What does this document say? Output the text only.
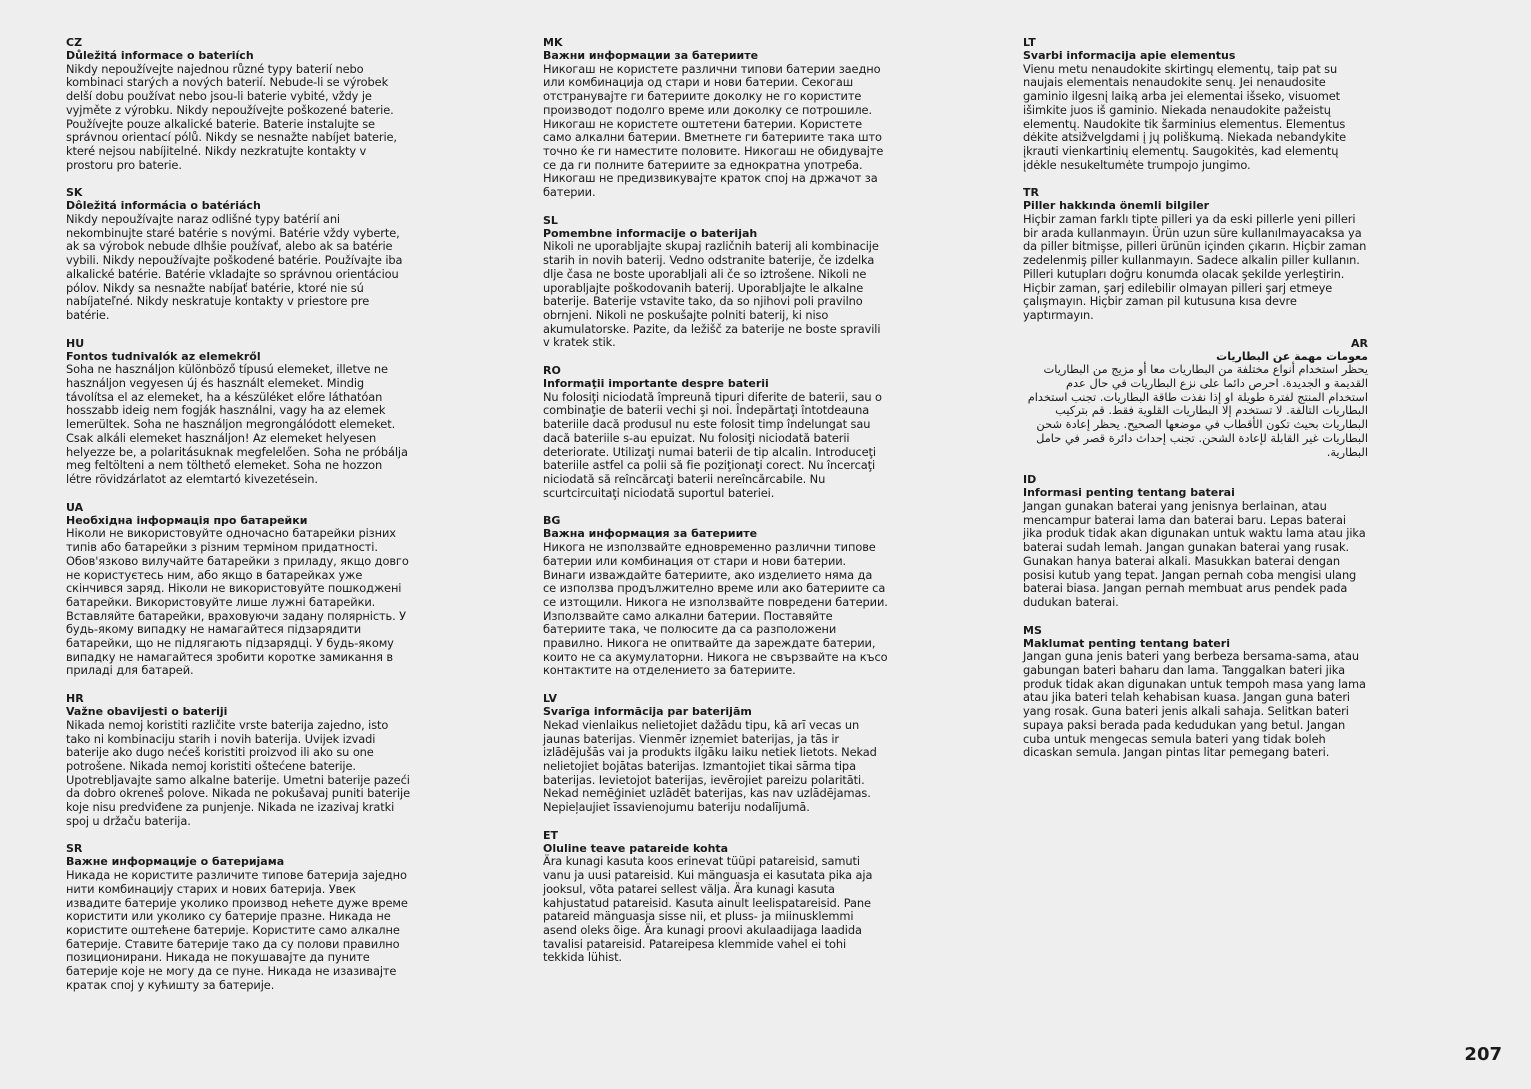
CZ
Důležitá informace o bateriích
Nikdy nepoužívejte najednou různé typy baterií nebo kombinaci starých a nových baterií. Nebude-li se výrobek delší dobu používat nebo jsou-li baterie vybité, vždy je vyjměte z výrobku. Nikdy nepoužívejte poškozené baterie. Používejte pouze alkalické baterie. Baterie instalujte se správnou orientací pólů. Nikdy se nesnažte nabíjet baterie, které nejsou nabíjitelné. Nikdy nezkratujte kontakty v prostoru pro baterie.
SK
Dôležitá informácia o batériách
Nikdy nepoužívajte naraz odlišné typy batérií ani nekombinujte staré batérie s novými. Batérie vždy vyberte, ak sa výrobok nebude dlhšie používať, alebo ak sa batérie vybili. Nikdy nepoužívajte poškodené batérie. Používajte iba alkalické batérie. Batérie vkladajte so správnou orientáciou pólov. Nikdy sa nesnažte nabíjať batérie, ktoré nie sú nabíjateľné. Nikdy neskratuje kontakty v priestore pre batérie.
HU
Fontos tudnivalók az elemekről
Soha ne használjon különböző típusú elemeket, illetve ne használjon vegyesen új és használt elemeket. Mindig távolítsa el az elemeket, ha a készüléket előre láthatóan hosszabb ideig nem fogják használni, vagy ha az elemek lemerültek. Soha ne használjon megrongálódott elemeket. Csak alkáli elemeket használjon! Az elemeket helyesen helyezze be, a polaritásuknak megfelelően. Soha ne próbálja meg feltölteni a nem tölthető elemeket. Soha ne hozzon létre rövidzárlatot az elemtartó kivezetésein.
UA
Необхідна інформація про батарейки
Ніколи не використовуйте одночасно батарейки різних типів або батарейки з різним терміном придатності. Обов'язково вилучайте батарейки з приладу, якщо довго не користуєтесь ним, або якщо в батарейках уже скінчився заряд. Ніколи не використовуйте пошкоджені батарейки. Використовуйте лише лужні батарейки. Вставляйте батарейки, враховуючи задану полярність. У будь-якому випадку не намагайтеся підзарядити батарейки, що не підлягають підзарядці. У будь-якому випадку не намагайтеся зробити коротке замикання в приладі для батарей.
HR
Važne obavijesti o bateriji
Nikada nemoj koristiti različite vrste baterija zajedno, isto tako ni kombinaciju starih i novih baterija. Uvijek izvadi baterije ako dugo nećeš koristiti proizvod ili ako su one potrošene. Nikada nemoj koristiti oštećene baterije. Upotrebljavajte samo alkalne baterije. Umetni baterije pazeći da dobro okreneš polove. Nikada ne pokušavaj puniti baterije koje nisu predviđene za punjenje. Nikada ne izazivaj kratki spoj u držaču baterija.
SR
Важне информације о батеријама
Никада не користите различите типове батерија заједно нити комбинацију старих и нових батерија. Увек извадите батерије уколико производ нећете дуже време користити или уколико су батерије празне. Никада не користите оштећене батерије. Користите само алкалне батерије. Ставите батерије тако да су полови правилно позиционирани. Никада не покушавајте да пуните батерије које не могу да се пуне. Никада не изазивајте кратак спој у кућишту за батерије.
MK
Важни информации за батериите
Никогаш не користете различни типови батерии заедно или комбинација од стари и нови батерии. Секогаш отстранувајте ги батериите доколку не го користите производот подолго време или доколку се потрошиле. Никогаш не користете оштетени батерии. Користете само алкални батерии. Вметнете ги батериите така што точно ќе ги наместите половите. Никогаш не обидувајте се да ги полните батериите за еднократна употреба. Никогаш не предизвикувајте краток спој на држачот за батерии.
SL
Pomembne informacije o baterijah
Nikoli ne uporabljajte skupaj različnih baterij ali kombinacije starih in novih baterij. Vedno odstranite baterije, če izdelka dlje časa ne boste uporabljali ali če so iztrošene. Nikoli ne uporabljajte poškodovanih baterij. Uporabljajte le alkalne baterije. Baterije vstavite tako, da so njihovi poli pravilno obrnjeni. Nikoli ne poskušajte polniti baterij, ki niso akumulatorske. Pazite, da ležišč za baterije ne boste spravili v kratek stik.
RO
Informaţii importante despre baterii
Nu folosiţi niciodată împreună tipuri diferite de baterii, sau o combinaţie de baterii vechi şi noi. Îndepărtaţi întotdeauna bateriile dacă produsul nu este folosit timp îndelungat sau dacă bateriile s-au epuizat. Nu folosiţi niciodată baterii deteriorate. Utilizaţi numai baterii de tip alcalin. Introduceţi bateriile astfel ca polii să fie poziţionaţi corect. Nu încercaţi niciodată să reîncărcaţi baterii nereîncărcabile. Nu scurtcircuitaţi niciodată suportul bateriei.
BG
Важна информация за батериите
Никога не използвайте едновременно различни типове батерии или комбинация от стари и нови батерии. Винаги изваждайте батериите, ако изделието няма да се използва продължително време или ако батериите са се изтощили. Никога не използвайте повредени батерии. Използвайте само алкални батерии. Поставяйте батериите така, че полюсите да са разположени правилно. Никога не опитвайте да зареждате батерии, които не са акумулаторни. Никога не свързвайте на късо контактите на отделението за батериите.
LV
Svarīga informācija par baterijām
Nekad vienlaikus nelietojiet dažādu tipu, kā arī vecas un jaunas baterijas. Vienmēr izņemiet baterijas, ja tās ir izlādējušās vai ja produkts ilgāku laiku netiek lietots. Nekad nelietojiet bojātas baterijas. Izmantojiet tikai sārma tipa baterijas. Ievietojot baterijas, ievērojiet pareizu polaritāti. Nekad nemēģiniet uzlādēt baterijas, kas nav uzlādējamas. Nepieļaujiet īssavienojumu bateriju nodalījumā.
ET
Oluline teave patareide kohta
Ära kunagi kasuta koos erinevat tüüpi patareisid, samuti vanu ja uusi patareisid. Kui mänguasja ei kasutata pika aja jooksul, võta patarei sellest välja. Ära kunagi kasuta kahjustatud patareisid. Kasuta ainult leelispatareisid. Pane patareid mänguasja sisse nii, et pluss- ja miinusklemmi asend oleks õige. Ära kunagi proovi akulaadijaga laadida tavalisi patareisid. Patareipesa klemmide vahel ei tohi tekkida lühist.
LT
Svarbi informacija apie elementus
Vienu metu nenaudokite skirtingų elementų, taip pat su naujais elementais nenaudokite senų. Jei nenaudosite gaminio ilgesnį laiką arba jei elementai išseko, visuomet išimkite juos iš gaminio. Niekada nenaudokite pažeistų elementų. Naudokite tik šarminius elementus. Elementus dėkite atsižvelgdami į jų poliškumą. Niekada nebandykite įkrauti vienkartinių elementų. Saugokitės, kad elementų įdėkle nesukeltumėte trumpojo jungimo.
TR
Piller hakkında önemli bilgiler
Hiçbir zaman farklı tipte pilleri ya da eski pillerle yeni pilleri bir arada kullanmayın. Ürün uzun süre kullanılmayacaksa ya da piller bitmişse, pilleri ürünün içinden çıkarın. Hiçbir zaman zedelenmiş piller kullanmayın. Sadece alkalin piller kullanın. Pilleri kutupları doğru konumda olacak şekilde yerleştirin. Hiçbir zaman, şarj edilebilir olmayan pilleri şarj etmeye çalışmayın. Hiçbir zaman pil kutusuna kısa devre yaptırmayın.
AR
معومات مهمة عن البطاريات
يحظر استخدام أنواع مختلفة من البطاريات معا أو مزيج من البطاريات القديمة و الجديدة. احرص دائما على نزع البطاريات في حال عدم استخدام المنتج لفترة طويلة او إذا نفذت طاقة البطاريات. تجنب استخدام البطاريات التالفة. لا تستخدم إلا البطاريات القلوية فقط. قم بتركيب البطاريات بحيث تكون الأقطاب في موضعها الصحيح. يحظر إعادة شحن البطاريات غير القابلة لإعادة الشحن. تجنب إحداث دائرة قصر في حامل البطارية.
ID
Informasi penting tentang baterai
Jangan gunakan baterai yang jenisnya berlainan, atau mencampur baterai lama dan baterai baru. Lepas baterai jika produk tidak akan digunakan untuk waktu lama atau jika baterai sudah lemah. Jangan gunakan baterai yang rusak. Gunakan hanya baterai alkali. Masukkan baterai dengan posisi kutub yang tepat. Jangan pernah coba mengisi ulang baterai biasa. Jangan pernah membuat arus pendek pada dudukan baterai.
MS
Maklumat penting tentang bateri
Jangan guna jenis bateri yang berbeza bersama-sama, atau gabungan bateri baharu dan lama. Tanggalkan bateri jika produk tidak akan digunakan untuk tempoh masa yang lama atau jika bateri telah kehabisan kuasa. Jangan guna bateri yang rosak. Guna bateri jenis alkali sahaja. Selitkan bateri supaya paksi berada pada kedudukan yang betul. Jangan cuba untuk mengecas semula bateri yang tidak boleh dicaskan semula. Jangan pintas litar pemegang bateri.
207
